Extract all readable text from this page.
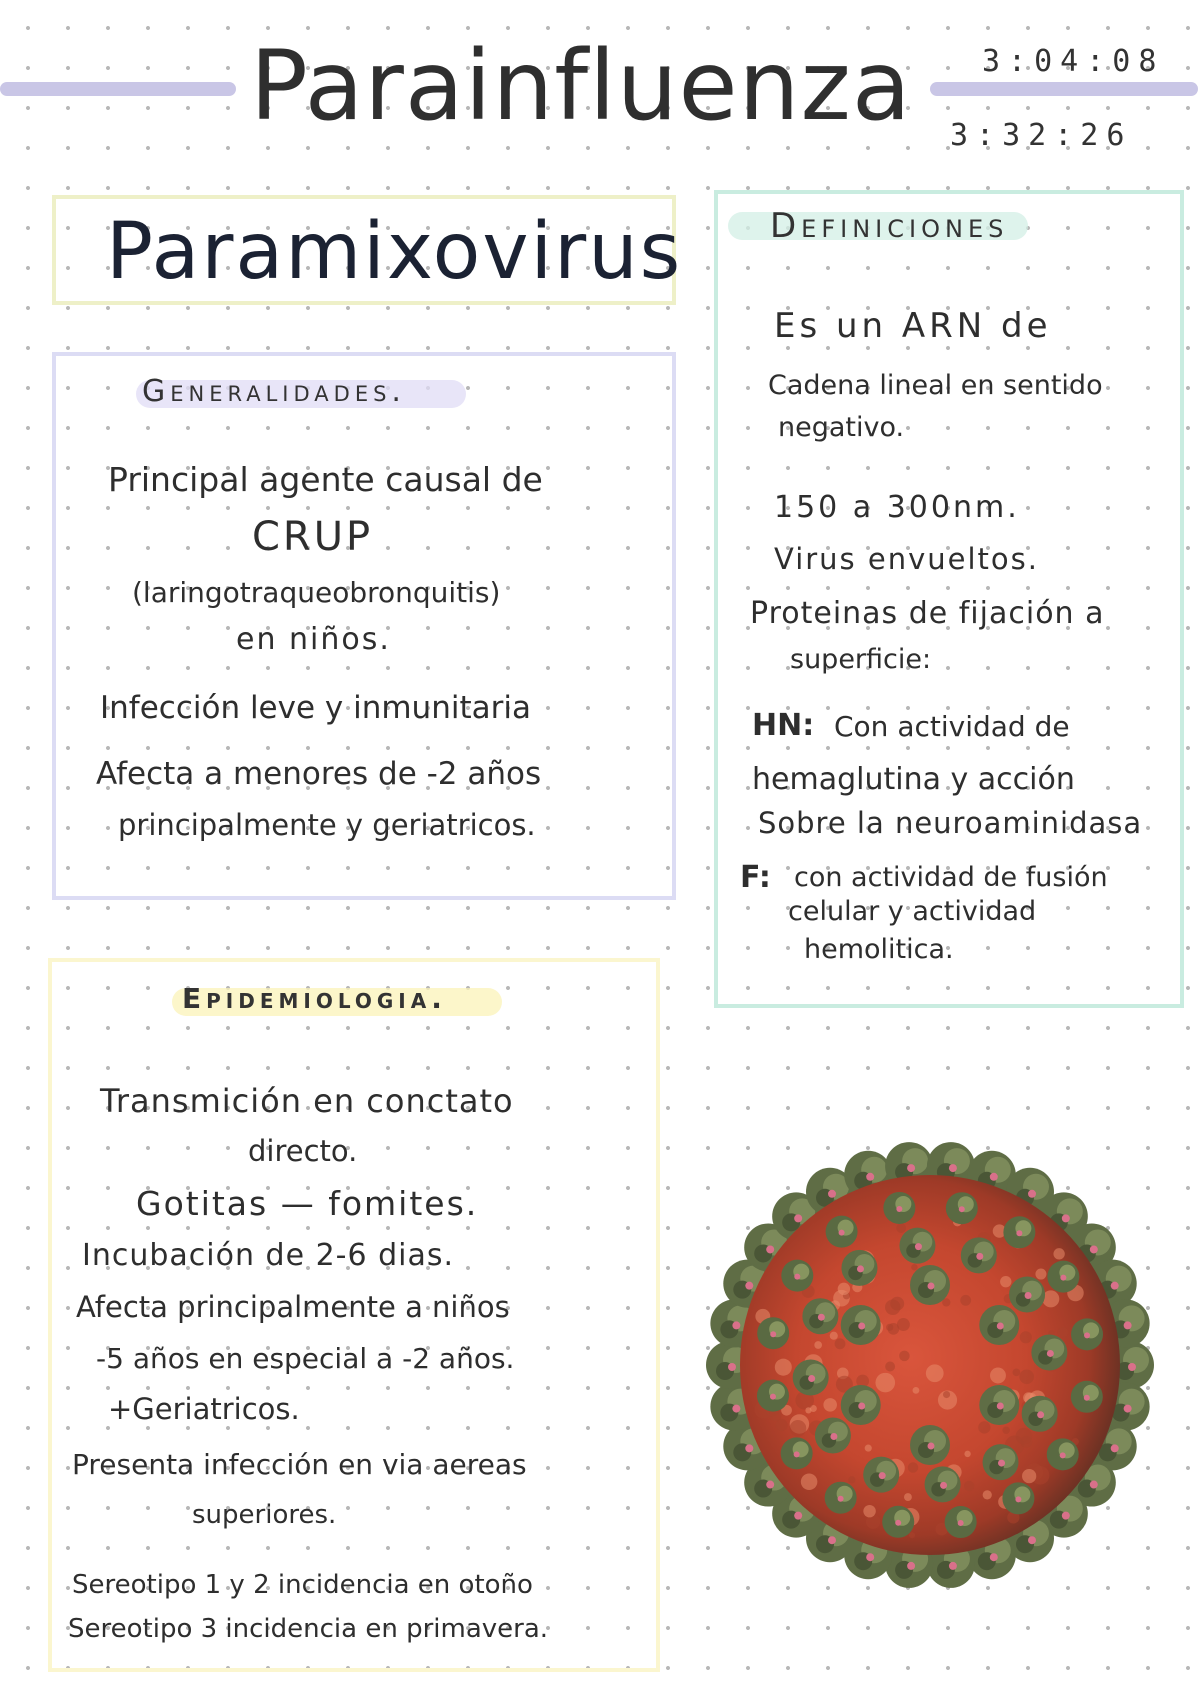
Parainfluenza 3:04:08
3:32:26
Paramixovirus
Generalidades.
Principal agente causal de
CRUP
(laringotraqueobronquitis)
en niños.
Infección leve y inmunitaria
Afecta a menores de -2 años
principalmente y geriatricos.
Definiciones
Es un ARN de
Cadena lineal en sentido
negativo.
150 a 300nm.
Virus envueltos.
Proteinas de fijación a
superficie:
HN: Con actividad de
hemaglutina y acción
Sobre la neuroaminidasa
F: con actividad de fusión
celular y actividad
hemolitica.
Epidemiologia.
Transmición en conctato
directo.
Gotitas — fomites.
Incubación de 2-6 dias.
Afecta principalmente a niños
-5 años en especial a -2 años.
+Geriatricos.
Presenta infección en via aereas
superiores.
Sereotipo 1 y 2 incidencia en otoño
Sereotipo 3 incidencia en primavera.
